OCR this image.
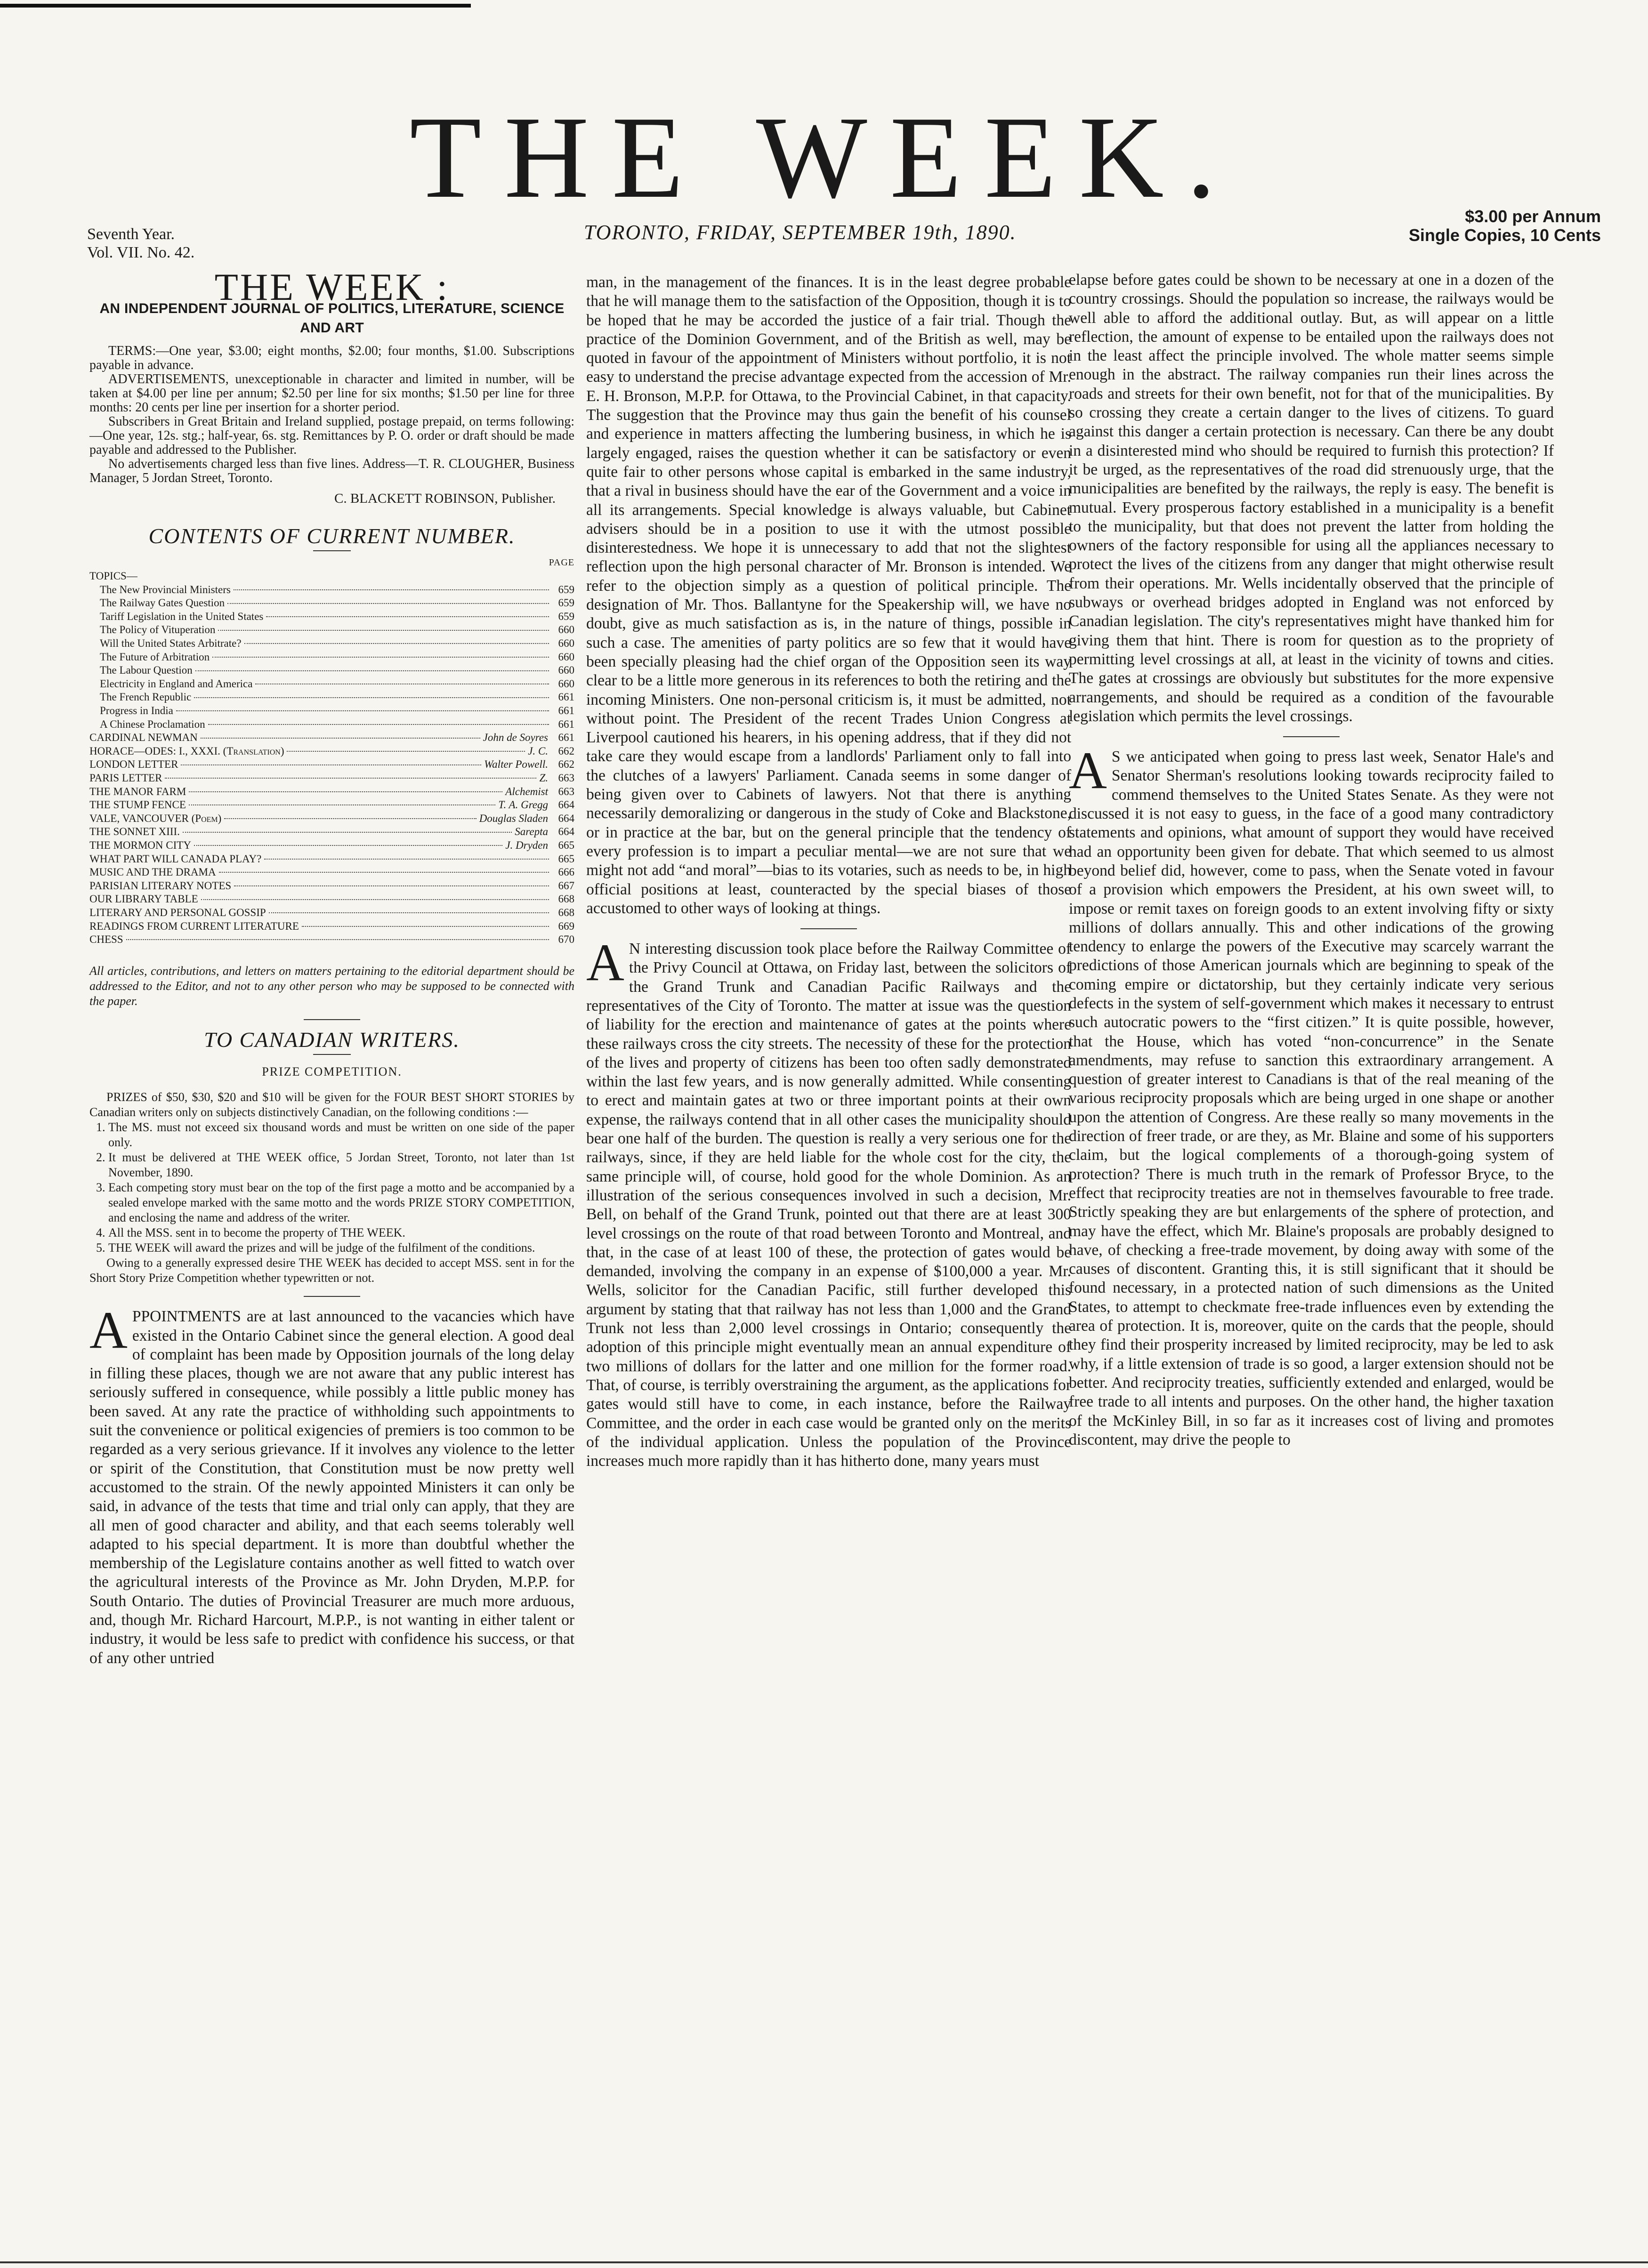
THE WEEK.
Seventh Year.
Vol. VII. No. 42.
TORONTO, FRIDAY, SEPTEMBER 19th, 1890.
$3.00 per Annum
Single Copies, 10 Cents
THE WEEK :
AN INDEPENDENT JOURNAL OF POLITICS, LITERATURE, SCIENCE AND ART

TERMS:—One year, $3.00; eight months, $2.00; four months, $1.00. Subscriptions payable in advance.

ADVERTISEMENTS, unexceptionable in character and limited in number, will be taken at $4.00 per line per annum; $2.50 per line for six months; $1.50 per line for three months: 20 cents per line per insertion for a shorter period.

Subscribers in Great Britain and Ireland supplied, postage prepaid, on terms following:—One year, 12s. stg.; half-year, 6s. stg. Remittances by P. O. order or draft should be made payable and addressed to the Publisher.

No advertisements charged less than five lines. Address—T. R. CLOUGHER, Business Manager, 5 Jordan Street, Toronto.

C. BLACKETT ROBINSON, Publisher.
CONTENTS OF CURRENT NUMBER.
PAGE
TOPICS—
The New Provincial Ministers	659
The Railway Gates Question	659
Tariff Legislation in the United States	659
The Policy of Vituperation	660
Will the United States Arbitrate?	660
The Future of Arbitration	660
The Labour Question	660
Electricity in England and America	660
The French Republic	661
Progress in India	661
A Chinese Proclamation	661
CARDINAL NEWMAN	John de Soyres 661
HORACE—ODES: I., XXXI. (Translation)	J. C. 662
LONDON LETTER	Walter Powell. 662
PARIS LETTER	Z. 663
THE MANOR FARM	Alchemist 663
THE STUMP FENCE	T. A. Gregg 664
VALE, VANCOUVER (Poem)	Douglas Sladen 664
THE SONNET XIII.	Sarepta 664
THE MORMON CITY	J. Dryden 665
WHAT PART WILL CANADA PLAY?	665
MUSIC AND THE DRAMA	666
PARISIAN LITERARY NOTES	667
OUR LIBRARY TABLE	668
LITERARY AND PERSONAL GOSSIP	668
READINGS FROM CURRENT LITERATURE	669
CHESS	670
All articles, contributions, and letters on matters pertaining to the editorial department should be addressed to the Editor, and not to any other person who may be supposed to be connected with the paper.
TO CANADIAN WRITERS.
PRIZE COMPETITION.

PRIZES of $50, $30, $20 and $10 will be given for the FOUR BEST SHORT STORIES by Canadian writers only on subjects distinctively Canadian, on the following conditions :—

1. The MS. must not exceed six thousand words and must be written on one side of the paper only.
2. It must be delivered at THE WEEK office, 5 Jordan Street, Toronto, not later than 1st November, 1890.
3. Each competing story must bear on the top of the first page a motto and be accompanied by a sealed envelope marked with the same motto and the words PRIZE STORY COMPETITION, and enclosing the name and address of the writer.
4. All the MSS. sent in to become the property of THE WEEK.
5. THE WEEK will award the prizes and will be judge of the fulfilment of the conditions.

Owing to a generally expressed desire THE WEEK has decided to accept MSS. sent in for the Short Story Prize Competition whether typewritten or not.

APPOINTMENTS are at last announced to the vacancies which have existed in the Ontario Cabinet since the general election. A good deal of complaint has been made by Opposition journals of the long delay in filling these places, though we are not aware that any public interest has seriously suffered in consequence, while possibly a little public money has been saved. At any rate the practice of withholding such appointments to suit the convenience or political exigencies of premiers is too common to be regarded as a very serious grievance. If it involves any violence to the letter or spirit of the Constitution, that Constitution must be now pretty well accustomed to the strain. Of the newly appointed Ministers it can only be said, in advance of the tests that time and trial only can apply, that they are all men of good character and ability, and that each seems tolerably well adapted to his special department. It is more than doubtful whether the membership of the Legislature contains another as well fitted to watch over the agricultural interests of the Province as Mr. John Dryden, M.P.P. for South Ontario. The duties of Provincial Treasurer are much more arduous, and, though Mr. Richard Harcourt, M.P.P., is not wanting in either talent or industry, it would be less safe to predict with confidence his success, or that of any other untried

man, in the management of the finances. It is in the least degree probable that he will manage them to the satisfaction of the Opposition, though it is to be hoped that he may be accorded the justice of a fair trial. Though the practice of the Dominion Government, and of the British as well, may be quoted in favour of the appointment of Ministers without portfolio, it is not easy to understand the precise advantage expected from the accession of Mr. E. H. Bronson, M.P.P. for Ottawa, to the Provincial Cabinet, in that capacity. The suggestion that the Province may thus gain the benefit of his counsel and experience in matters affecting the lumbering business, in which he is largely engaged, raises the question whether it can be satisfactory or even quite fair to other persons whose capital is embarked in the same industry, that a rival in business should have the ear of the Government and a voice in all its arrangements. Special knowledge is always valuable, but Cabinet advisers should be in a position to use it with the utmost possible disinterestedness. We hope it is unnecessary to add that not the slightest reflection upon the high personal character of Mr. Bronson is intended. We refer to the objection simply as a question of political principle. The designation of Mr. Thos. Ballantyne for the Speakership will, we have no doubt, give as much satisfaction as is, in the nature of things, possible in such a case. The amenities of party politics are so few that it would have been specially pleasing had the chief organ of the Opposition seen its way clear to be a little more generous in its references to both the retiring and the incoming Ministers. One non-personal criticism is, it must be admitted, not without point. The President of the recent Trades Union Congress at Liverpool cautioned his hearers, in his opening address, that if they did not take care they would escape from a landlords' Parliament only to fall into the clutches of a lawyers' Parliament. Canada seems in some danger of being given over to Cabinets of lawyers. Not that there is anything necessarily demoralizing or dangerous in the study of Coke and Blackstone, or in practice at the bar, but on the general principle that the tendency of every profession is to impart a peculiar mental—we are not sure that we might not add “and moral”—bias to its votaries, such as needs to be, in high official positions at least, counteracted by the special biases of those accustomed to other ways of looking at things.

A N interesting discussion took place before the Railway Committee of the Privy Council at Ottawa, on Friday last, between the solicitors of the Grand Trunk and Canadian Pacific Railways and the representatives of the City of Toronto. The matter at issue was the question of liability for the erection and maintenance of gates at the points where these railways cross the city streets. The necessity of these for the protection of the lives and property of citizens has been too often sadly demonstrated within the last few years, and is now generally admitted. While consenting to erect and maintain gates at two or three important points at their own expense, the railways contend that in all other cases the municipality should bear one half of the burden. The question is really a very serious one for the railways, since, if they are held liable for the whole cost for the city, the same principle will, of course, hold good for the whole Dominion. As an illustration of the serious consequences involved in such a decision, Mr. Bell, on behalf of the Grand Trunk, pointed out that there are at least 300 level crossings on the route of that road between Toronto and Montreal, and that, in the case of at least 100 of these, the protection of gates would be demanded, involving the company in an expense of $100,000 a year. Mr. Wells, solicitor for the Canadian Pacific, still further developed this argument by stating that that railway has not less than 1,000 and the Grand Trunk not less than 2,000 level crossings in Ontario; consequently the adoption of this principle might eventually mean an annual expenditure of two millions of dollars for the latter and one million for the former road. That, of course, is terribly overstraining the argument, as the applications for gates would still have to come, in each instance, before the Railway Committee, and the order in each case would be granted only on the merits of the individual application. Unless the population of the Province increases much more rapidly than it has hitherto done, many years must

elapse before gates could be shown to be necessary at one in a dozen of the country crossings. Should the population so increase, the railways would be well able to afford the additional outlay. But, as will appear on a little reflection, the amount of expense to be entailed upon the railways does not in the least affect the principle involved. The whole matter seems simple enough in the abstract. The railway companies run their lines across the roads and streets for their own benefit, not for that of the municipalities. By so crossing they create a certain danger to the lives of citizens. To guard against this danger a certain protection is necessary. Can there be any doubt in a disinterested mind who should be required to furnish this protection? If it be urged, as the representatives of the road did strenuously urge, that the municipalities are benefited by the railways, the reply is easy. The benefit is mutual. Every prosperous factory established in a municipality is a benefit to the municipality, but that does not prevent the latter from holding the owners of the factory responsible for using all the appliances necessary to protect the lives of the citizens from any danger that might otherwise result from their operations. Mr. Wells incidentally observed that the principle of subways or overhead bridges adopted in England was not enforced by Canadian legislation. The city's representatives might have thanked him for giving them that hint. There is room for question as to the propriety of permitting level crossings at all, at least in the vicinity of towns and cities. The gates at crossings are obviously but substitutes for the more expensive arrangements, and should be required as a condition of the favourable legislation which permits the level crossings.

A S we anticipated when going to press last week, Senator Hale's and Senator Sherman's resolutions looking towards reciprocity failed to commend themselves to the United States Senate. As they were not discussed it is not easy to guess, in the face of a good many contradictory statements and opinions, what amount of support they would have received had an opportunity been given for debate. That which seemed to us almost beyond belief did, however, come to pass, when the Senate voted in favour of a provision which empowers the President, at his own sweet will, to impose or remit taxes on foreign goods to an extent involving fifty or sixty millions of dollars annually. This and other indications of the growing tendency to enlarge the powers of the Executive may scarcely warrant the predictions of those American journals which are beginning to speak of the coming empire or dictatorship, but they certainly indicate very serious defects in the system of self-government which makes it necessary to entrust such autocratic powers to the “first citizen.” It is quite possible, however, that the House, which has voted “non-concurrence” in the Senate amendments, may refuse to sanction this extraordinary arrangement. A question of greater interest to Canadians is that of the real meaning of the various reciprocity proposals which are being urged in one shape or another upon the attention of Congress. Are these really so many movements in the direction of freer trade, or are they, as Mr. Blaine and some of his supporters claim, but the logical complements of a thorough-going system of protection? There is much truth in the remark of Professor Bryce, to the effect that reciprocity treaties are not in themselves favourable to free trade. Strictly speaking they are but enlargements of the sphere of protection, and may have the effect, which Mr. Blaine's proposals are probably designed to have, of checking a free-trade movement, by doing away with some of the causes of discontent. Granting this, it is still significant that it should be found necessary, in a protected nation of such dimensions as the United States, to attempt to checkmate free-trade influences even by extending the area of protection. It is, moreover, quite on the cards that the people, should they find their prosperity increased by limited reciprocity, may be led to ask why, if a little extension of trade is so good, a larger extension should not be better. And reciprocity treaties, sufficiently extended and enlarged, would be free trade to all intents and purposes. On the other hand, the higher taxation of the McKinley Bill, in so far as it increases cost of living and promotes discontent, may drive the people to
